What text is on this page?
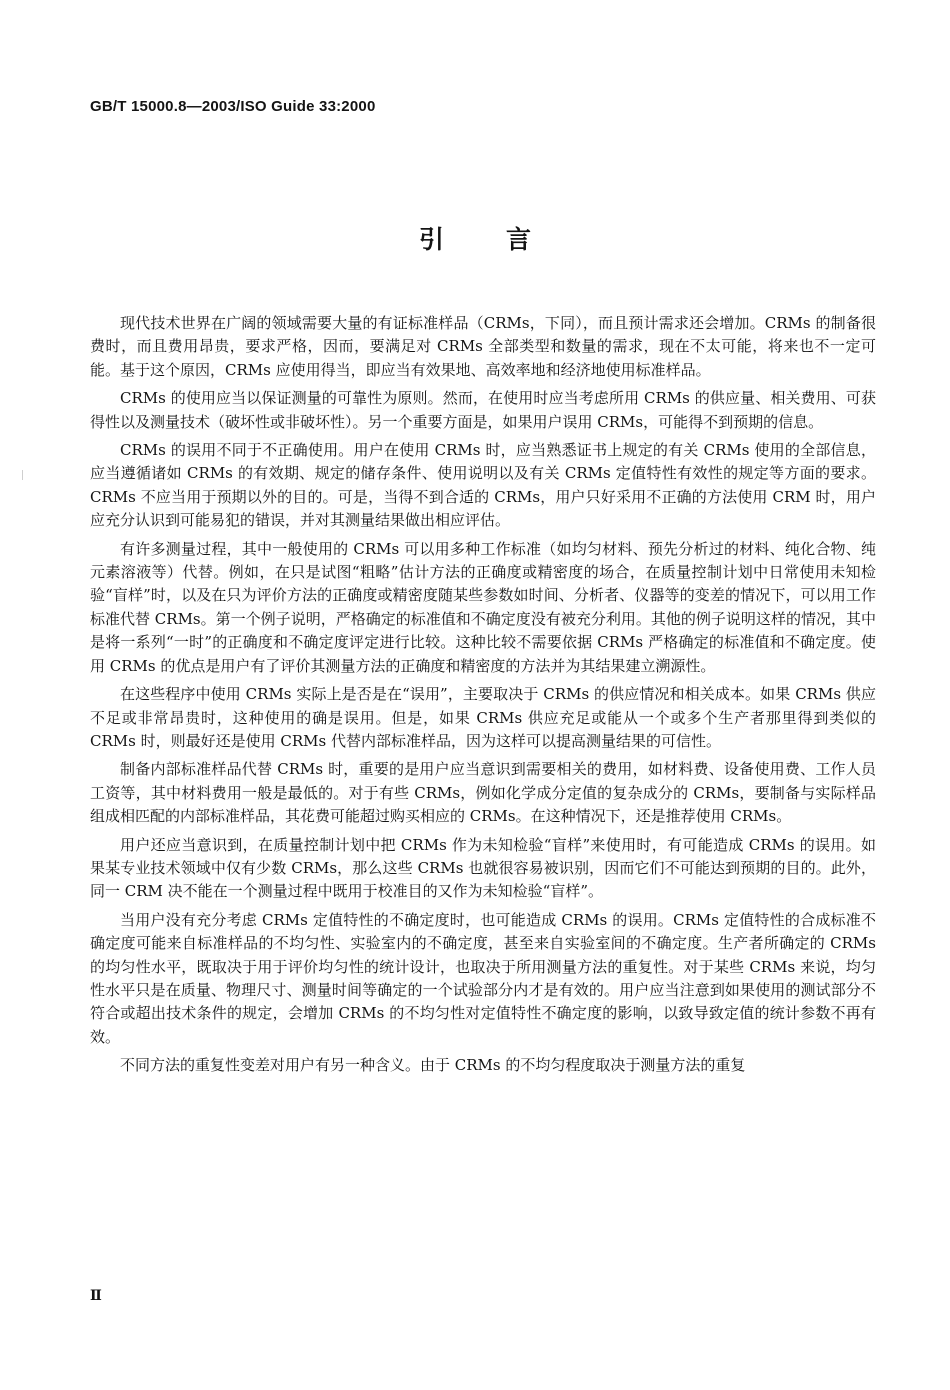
GB/T 15000.8—2003/ISO Guide 33:2000
引言

现代技术世界在广阔的领域需要大量的有证标准样品（CRMs，下同），而且预计需求还会增加。CRMs 的制备很费时，而且费用昂贵，要求严格，因而，要满足对 CRMs 全部类型和数量的需求，现在不太可能，将来也不一定可能。基于这个原因，CRMs 应使用得当，即应当有效果地、高效率地和经济地使用标准样品。

CRMs 的使用应当以保证测量的可靠性为原则。然而，在使用时应当考虑所用 CRMs 的供应量、相关费用、可获得性以及测量技术（破坏性或非破坏性）。另一个重要方面是，如果用户误用 CRMs，可能得不到预期的信息。

CRMs 的误用不同于不正确使用。用户在使用 CRMs 时，应当熟悉证书上规定的有关 CRMs 使用的全部信息，应当遵循诸如 CRMs 的有效期、规定的储存条件、使用说明以及有关 CRMs 定值特性有效性的规定等方面的要求。CRMs 不应当用于预期以外的目的。可是，当得不到合适的 CRMs，用户只好采用不正确的方法使用 CRM 时，用户应充分认识到可能易犯的错误，并对其测量结果做出相应评估。

有许多测量过程，其中一般使用的 CRMs 可以用多种工作标准（如均匀材料、预先分析过的材料、纯化合物、纯元素溶液等）代替。例如，在只是试图“粗略”估计方法的正确度或精密度的场合，在质量控制计划中日常使用未知检验“盲样”时，以及在只为评价方法的正确度或精密度随某些参数如时间、分析者、仪器等的变差的情况下，可以用工作标准代替 CRMs。第一个例子说明，严格确定的标准值和不确定度没有被充分利用。其他的例子说明这样的情况，其中是将一系列“一时”的正确度和不确定度评定进行比较。这种比较不需要依据 CRMs 严格确定的标准值和不确定度。使用 CRMs 的优点是用户有了评价其测量方法的正确度和精密度的方法并为其结果建立溯源性。

在这些程序中使用 CRMs 实际上是否是在“误用”，主要取决于 CRMs 的供应情况和相关成本。如果 CRMs 供应不足或非常昂贵时，这种使用的确是误用。但是，如果 CRMs 供应充足或能从一个或多个生产者那里得到类似的 CRMs 时，则最好还是使用 CRMs 代替内部标准样品，因为这样可以提高测量结果的可信性。

制备内部标准样品代替 CRMs 时，重要的是用户应当意识到需要相关的费用，如材料费、设备使用费、工作人员工资等，其中材料费用一般是最低的。对于有些 CRMs，例如化学成分定值的复杂成分的 CRMs，要制备与实际样品组成相匹配的内部标准样品，其花费可能超过购买相应的 CRMs。在这种情况下，还是推荐使用 CRMs。

用户还应当意识到，在质量控制计划中把 CRMs 作为未知检验“盲样”来使用时，有可能造成 CRMs 的误用。如果某专业技术领域中仅有少数 CRMs，那么这些 CRMs 也就很容易被识别，因而它们不可能达到预期的目的。此外，同一 CRM 决不能在一个测量过程中既用于校准目的又作为未知检验“盲样”。

当用户没有充分考虑 CRMs 定值特性的不确定度时，也可能造成 CRMs 的误用。CRMs 定值特性的合成标准不确定度可能来自标准样品的不均匀性、实验室内的不确定度，甚至来自实验室间的不确定度。生产者所确定的 CRMs 的均匀性水平，既取决于用于评价均匀性的统计设计，也取决于所用测量方法的重复性。对于某些 CRMs 来说，均匀性水平只是在质量、物理尺寸、测量时间等确定的一个试验部分内才是有效的。用户应当注意到如果使用的测试部分不符合或超出技术条件的规定，会增加 CRMs 的不均匀性对定值特性不确定度的影响，以致导致定值的统计参数不再有效。

不同方法的重复性变差对用户有另一种含义。由于 CRMs 的不均匀程度取决于测量方法的重复

Ⅱ
